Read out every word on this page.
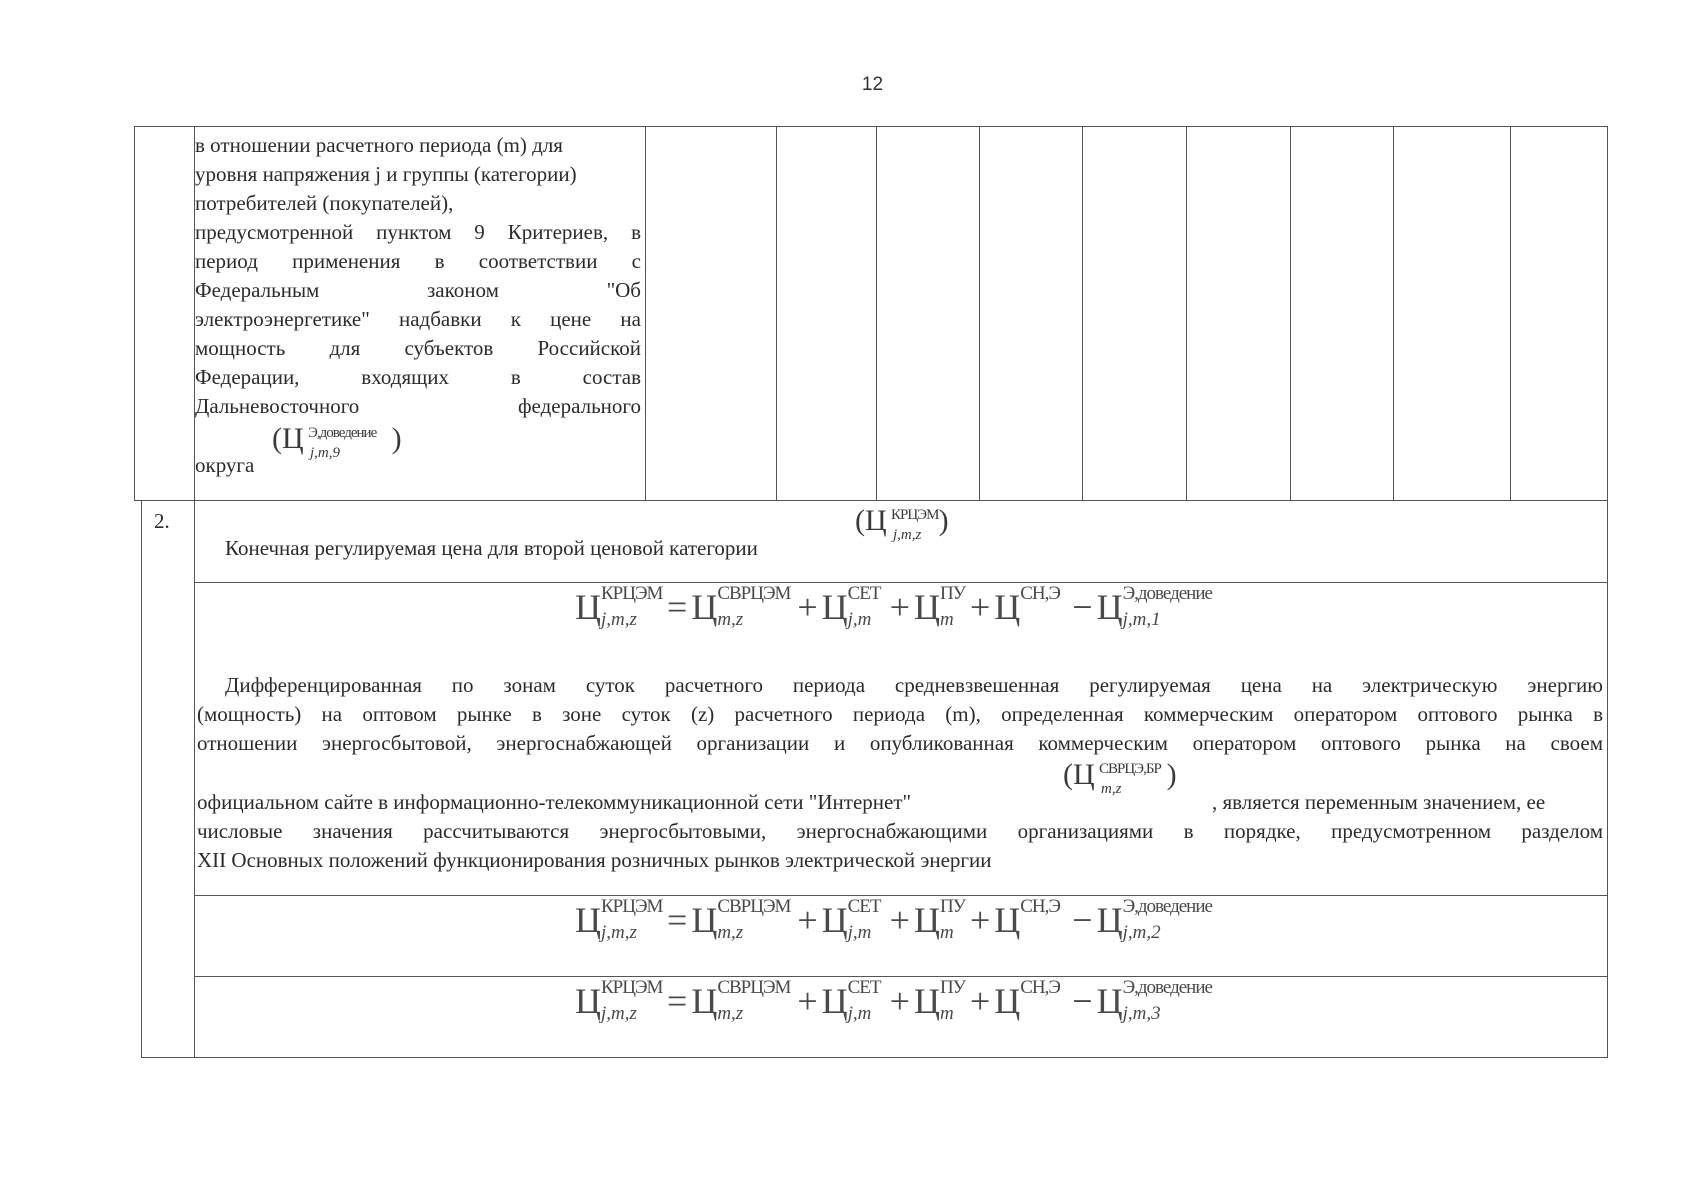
12
в отношении расчетного периода (m) для
уровня напряжения j и группы (категории)
потребителей (покупателей),
предусмотренной пунктом 9 Критериев, в
период применения в соответствии с
Федеральным законом "Об
электроэнергетике" надбавки к цене на
мощность для субъектов Российской
Федерации, входящих в состав
Дальневосточного федерального
округа
(Ц	)
Э,доведение
j,m,9
2.
Конечная регулируемая цена для второй ценовой категории
(Ц )
КРЦЭМ
j,m,z
Ц КРЦЭМ
j,m,z = Ц СВРЦЭМ
m,z + Ц СЕТ
j,m + Ц ПУ
m + Ц СН,Э − Ц Э,доведение
j,m,1
Дифференцированная по зонам суток расчетного периода средневзвешенная регулируемая цена на электрическую энергию
(мощность) на оптовом рынке в зоне суток (z) расчетного периода (m), определенная коммерческим оператором оптового рынка в
отношении энергосбытовой, энергоснабжающей организации и опубликованная коммерческим оператором оптового рынка на своем
официальном сайте в информационно-телекоммуникационной сети "Интернет"
(Ц )
СВРЦЭ,БР
m,z
, является переменным значением, ее
числовые значения рассчитываются энергосбытовыми, энергоснабжающими организациями в порядке, предусмотренном разделом
XII Основных положений функционирования розничных рынков электрической энергии
Ц КРЦЭМ
j,m,z = Ц СВРЦЭМ
m,z + Ц СЕТ
j,m + Ц ПУ
m + Ц СН,Э − Ц Э,доведение
j,m,2
Ц КРЦЭМ
j,m,z = Ц СВРЦЭМ
m,z + Ц СЕТ
j,m + Ц ПУ
m + Ц СН,Э − Ц Э,доведение
j,m,3
